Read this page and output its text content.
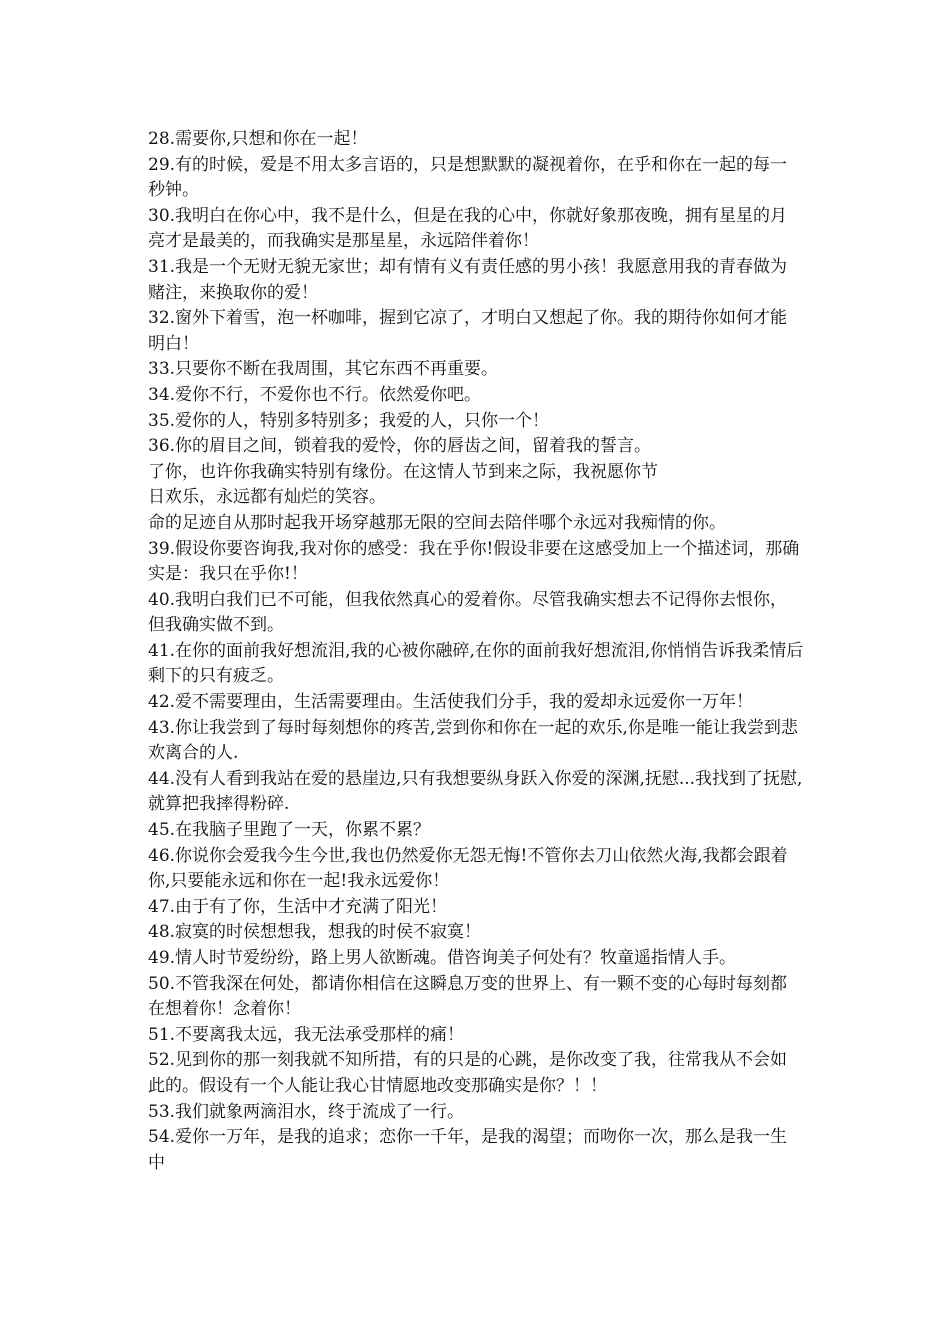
28.需要你,只想和你在一起！

29.有的时候，爱是不用太多言语的，只是想默默的凝视着你，在乎和你在一起的每一秒钟。

30.我明白在你心中，我不是什么，但是在我的心中，你就好象那夜晚，拥有星星的月亮才是最美的，而我确实是那星星，永远陪伴着你！

31.我是一个无财无貌无家世；却有情有义有责任感的男小孩！我愿意用我的青春做为赌注，来换取你的爱！

32.窗外下着雪，泡一杯咖啡，握到它凉了，才明白又想起了你。我的期待你如何才能明白！

33.只要你不断在我周围，其它东西不再重要。

34.爱你不行，不爱你也不行。依然爱你吧。

35.爱你的人，特别多特别多；我爱的人，只你一个！

36.你的眉目之间，锁着我的爱怜，你的唇齿之间，留着我的誓言。

了你，也许你我确实特别有缘份。在这情人节到来之际，我祝愿你节

日欢乐，永远都有灿烂的笑容。

命的足迹自从那时起我开场穿越那无限的空间去陪伴哪个永远对我痴情的你。

39.假设你要咨询我,我对你的感受：我在乎你!假设非要在这感受加上一个描述词，那确实是：我只在乎你!！

40.我明白我们已不可能，但我依然真心的爱着你。尽管我确实想去不记得你去恨你，但我确实做不到。

41.在你的面前我好想流泪,我的心被你融碎,在你的面前我好想流泪,你悄悄告诉我柔情后剩下的只有疲乏。

42.爱不需要理由，生活需要理由。生活使我们分手，我的爱却永远爱你一万年！

43.你让我尝到了每时每刻想你的疼苦,尝到你和你在一起的欢乐,你是唯一能让我尝到悲欢离合的人.

44.没有人看到我站在爱的悬崖边,只有我想要纵身跃入你爱的深渊,抚慰...我找到了抚慰,就算把我摔得粉碎.

45.在我脑子里跑了一天，你累不累？

46.你说你会爱我今生今世,我也仍然爱你无怨无悔!不管你去刀山依然火海,我都会跟着你,只要能永远和你在一起!我永远爱你！

47.由于有了你，生活中才充满了阳光！

48.寂寞的时侯想想我，想我的时侯不寂寞！

49.情人时节爱纷纷，路上男人欲断魂。借咨询美子何处有？牧童遥指情人手。

50.不管我深在何处，都请你相信在这瞬息万变的世界上、有一颗不变的心每时每刻都在想着你！念着你！

51.不要离我太远，我无法承受那样的痛！

52.见到你的那一刻我就不知所措，有的只是的心跳，是你改变了我，往常我从不会如此的。假设有一个人能让我心甘情愿地改变那确实是你？！！

53.我们就象两滴泪水，终于流成了一行。

54.爱你一万年，是我的追求；恋你一千年，是我的渴望；而吻你一次，那么是我一生中
